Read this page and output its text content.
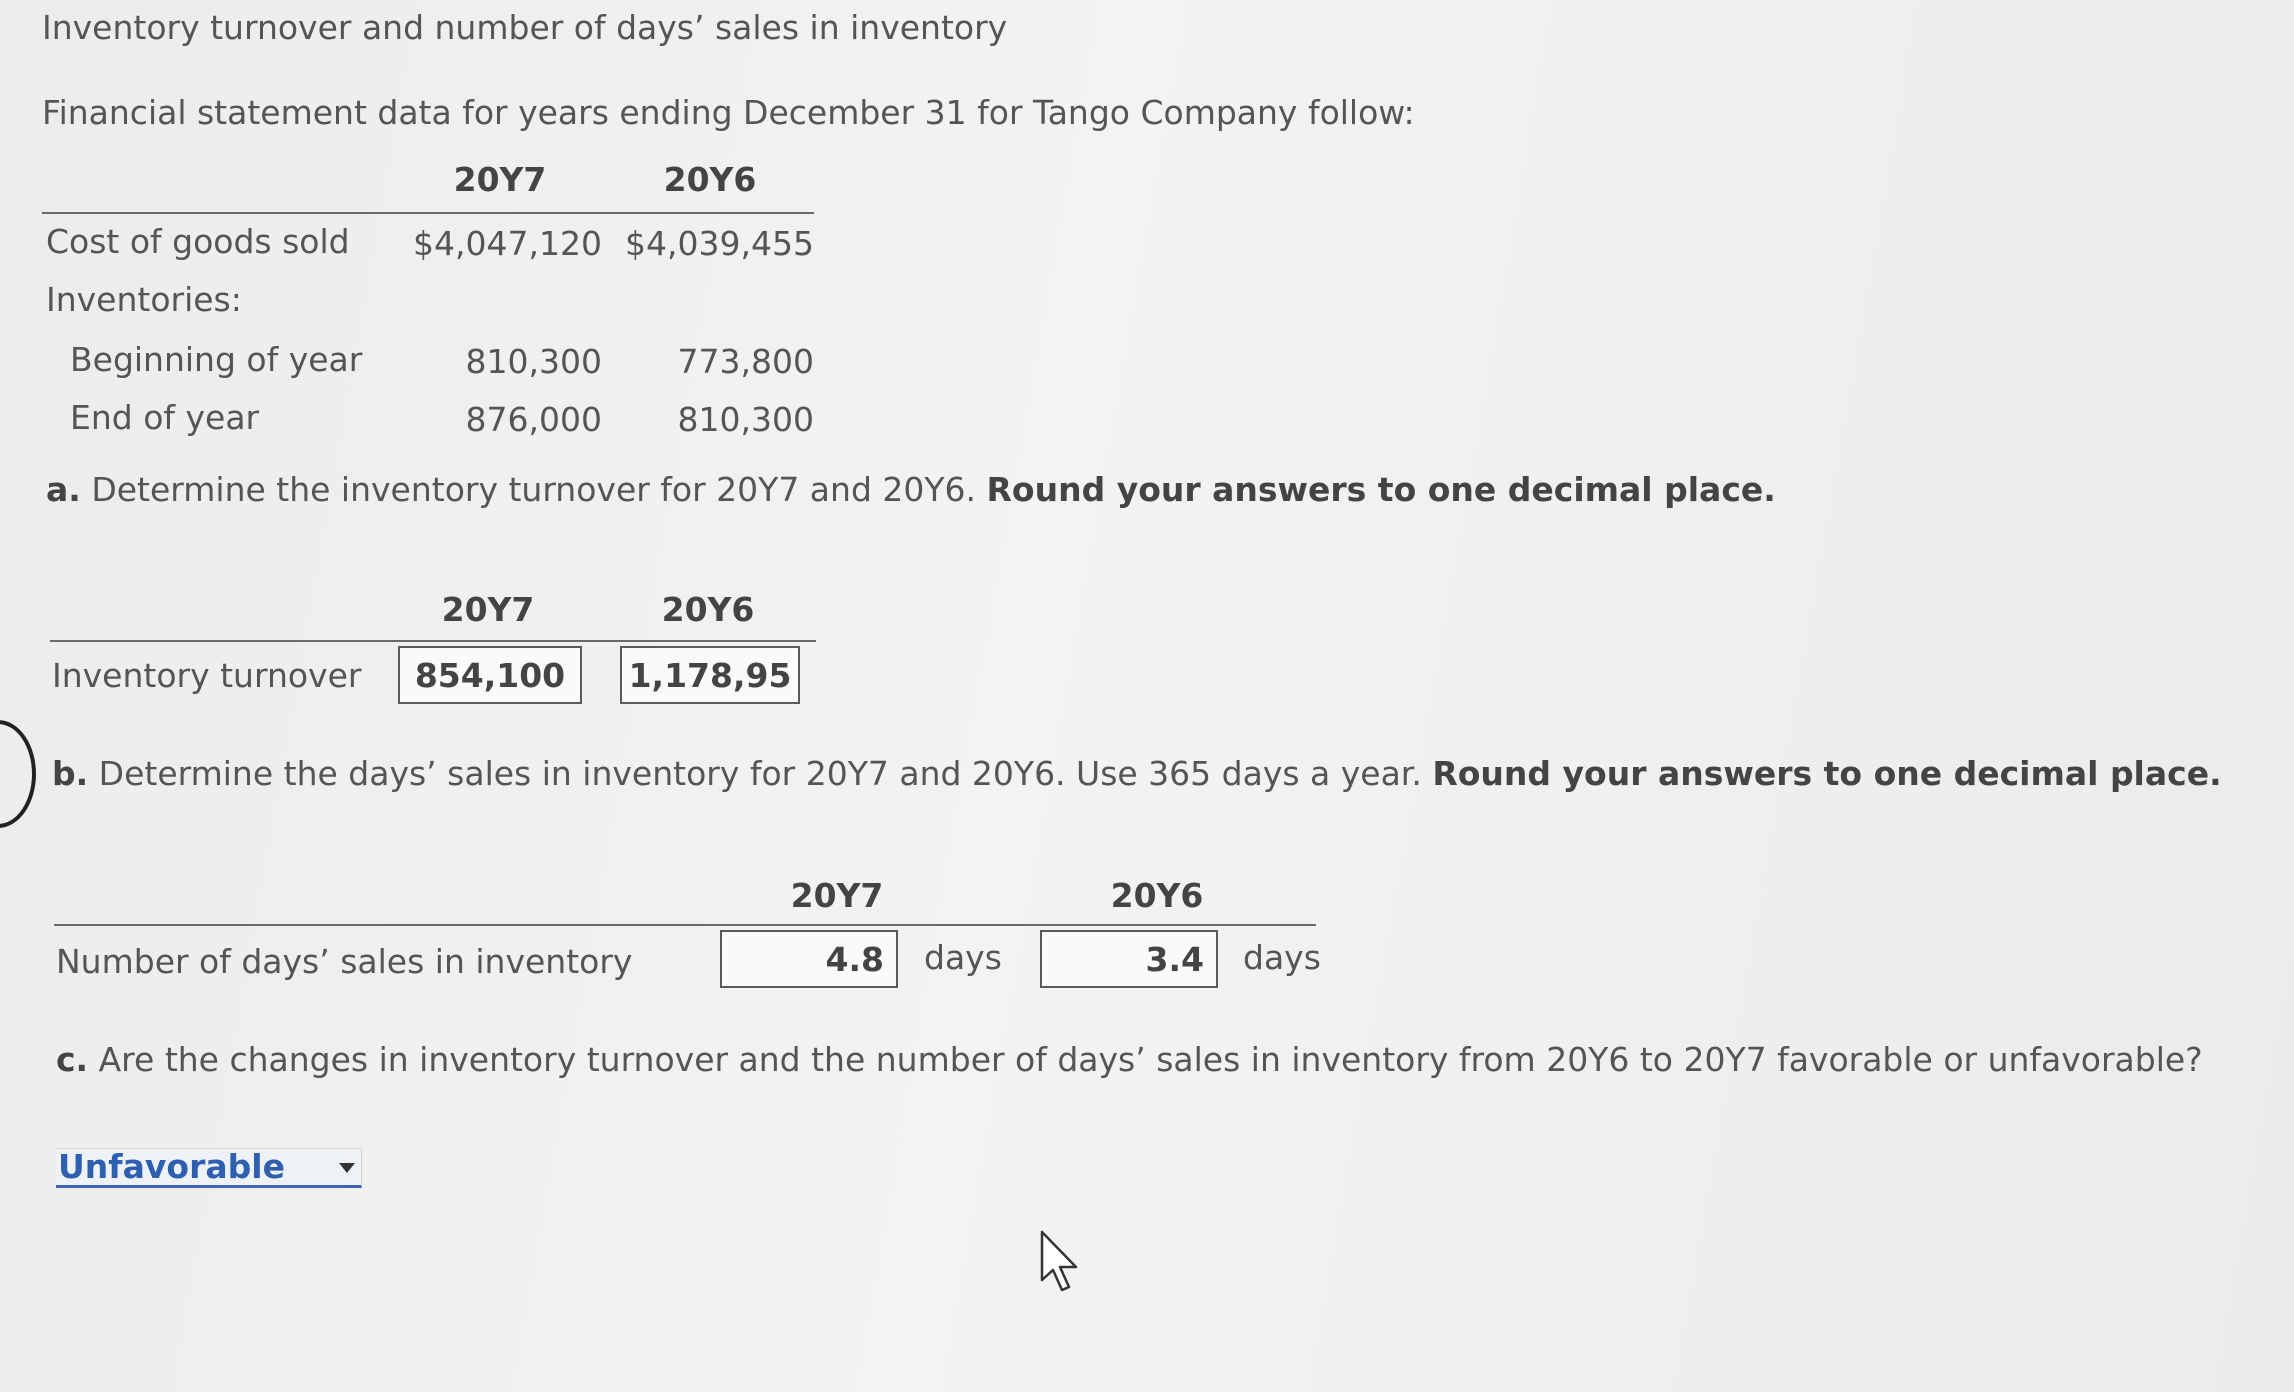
Inventory turnover and number of days’ sales in inventory
Financial statement data for years ending December 31 for Tango Company follow:
20Y7	20Y6
Cost of goods sold	$4,047,120 $4,039,455
Inventories:
Beginning of year	810,300	773,800
End of year	876,000	810,300
a. Determine the inventory turnover for 20Y7 and 20Y6. Round your answers to one decimal place.
20Y7	20Y6
Inventory turnover	854,100	1,178,95
b. Determine the days’ sales in inventory for 20Y7 and 20Y6. Use 365 days a year. Round your answers to one decimal place.
20Y7	20Y6
Number of days’ sales in inventory	4.8	days	3.4	days
c. Are the changes in inventory turnover and the number of days’ sales in inventory from 20Y6 to 20Y7 favorable or unfavorable?
Unfavorable
